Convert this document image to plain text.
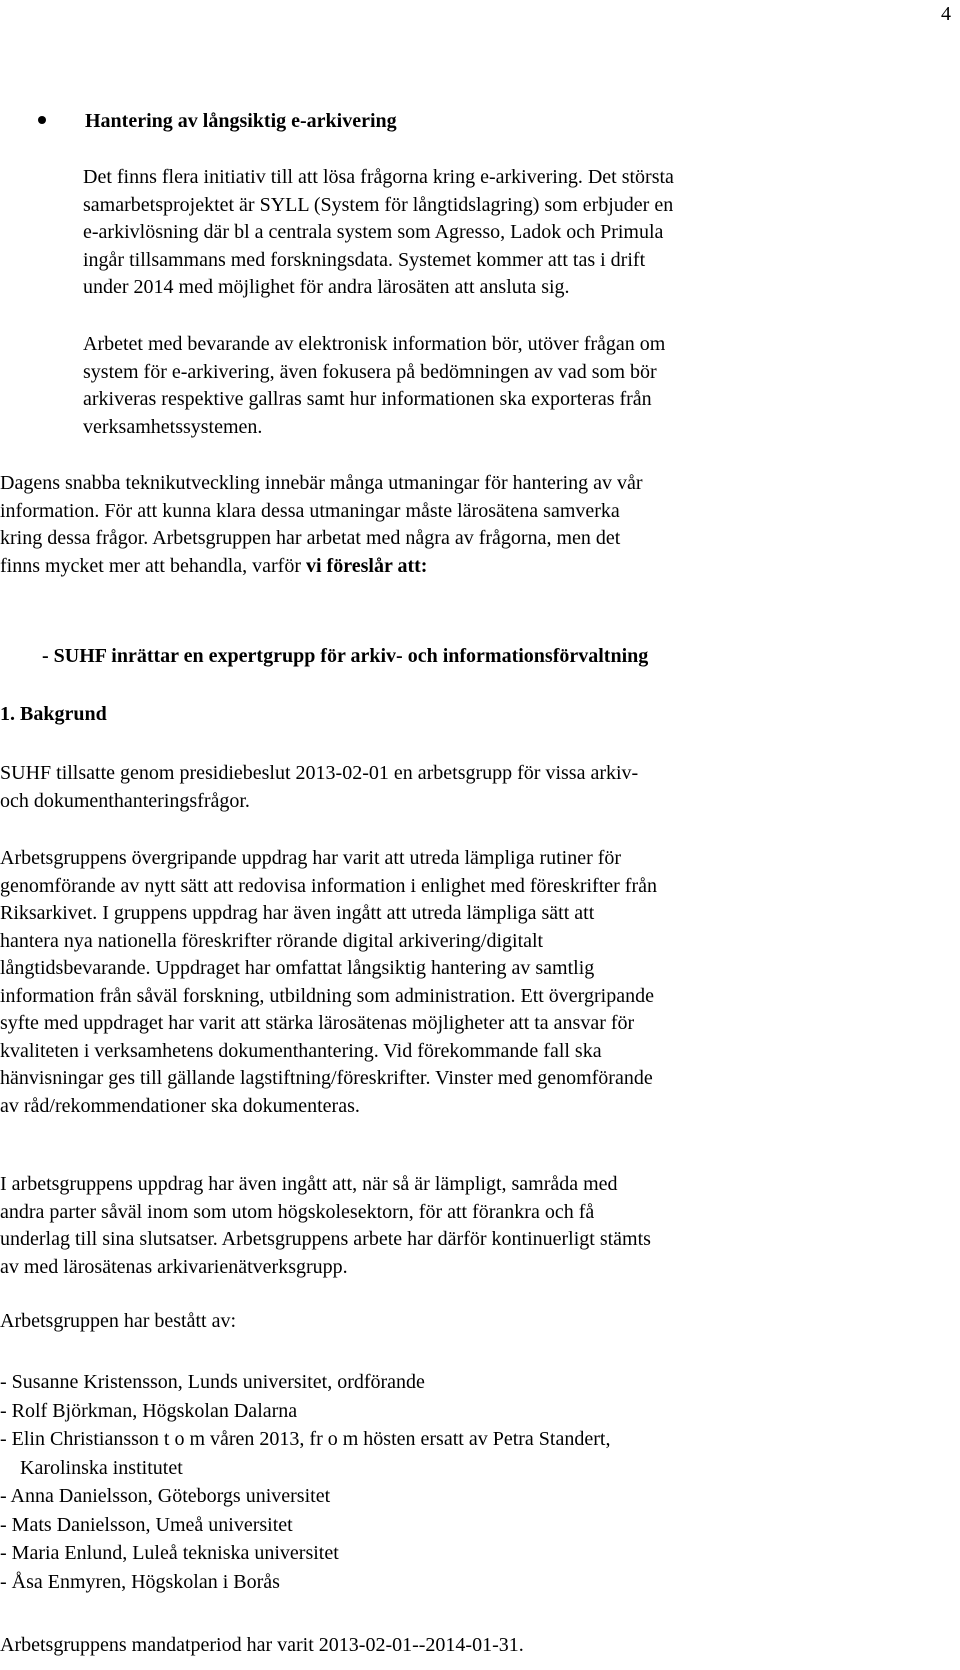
4
Hantering av långsiktig e-arkivering
Det finns flera initiativ till att lösa frågorna kring e-arkivering. Det största
samarbetsprojektet är SYLL (System för långtidslagring) som erbjuder en
e-arkivlösning där bl a centrala system som Agresso, Ladok och Primula
ingår tillsammans med forskningsdata. Systemet kommer att tas i drift
under 2014 med möjlighet för andra lärosäten att ansluta sig.
Arbetet med bevarande av elektronisk information bör, utöver frågan om
system för e-arkivering, även fokusera på bedömningen av vad som bör
arkiveras respektive gallras samt hur informationen ska exporteras från
verksamhetssystemen.
Dagens snabba teknikutveckling innebär många utmaningar för hantering av vår
information. För att kunna klara dessa utmaningar måste lärosätena samverka
kring dessa frågor. Arbetsgruppen har arbetat med några av frågorna, men det
finns mycket mer att behandla, varför vi föreslår att:
- SUHF inrättar en expertgrupp för arkiv- och informationsförvaltning
1. Bakgrund
SUHF tillsatte genom presidiebeslut 2013-02-01 en arbetsgrupp för vissa arkiv-
och dokumenthanteringsfrågor.
Arbetsgruppens övergripande uppdrag har varit att utreda lämpliga rutiner för
genomförande av nytt sätt att redovisa information i enlighet med föreskrifter från
Riksarkivet. I gruppens uppdrag har även ingått att utreda lämpliga sätt att
hantera nya nationella föreskrifter rörande digital arkivering/digitalt
långtidsbevarande. Uppdraget har omfattat långsiktig hantering av samtlig
information från såväl forskning, utbildning som administration. Ett övergripande
syfte med uppdraget har varit att stärka lärosätenas möjligheter att ta ansvar för
kvaliteten i verksamhetens dokumenthantering. Vid förekommande fall ska
hänvisningar ges till gällande lagstiftning/föreskrifter. Vinster med genomförande
av råd/rekommendationer ska dokumenteras.
I arbetsgruppens uppdrag har även ingått att, när så är lämpligt, samråda med
andra parter såväl inom som utom högskolesektorn, för att förankra och få
underlag till sina slutsatser. Arbetsgruppens arbete har därför kontinuerligt stämts
av med lärosätenas arkivarienätverksgrupp.
Arbetsgruppen har bestått av:
- Susanne Kristensson, Lunds universitet, ordförande
- Rolf Björkman, Högskolan Dalarna
- Elin Christiansson t o m våren 2013, fr o m hösten ersatt av Petra Standert,
Karolinska institutet
- Anna Danielsson, Göteborgs universitet
- Mats Danielsson, Umeå universitet
- Maria Enlund, Luleå tekniska universitet
- Åsa Enmyren, Högskolan i Borås
Arbetsgruppens mandatperiod har varit 2013-02-01--2014-01-31.
